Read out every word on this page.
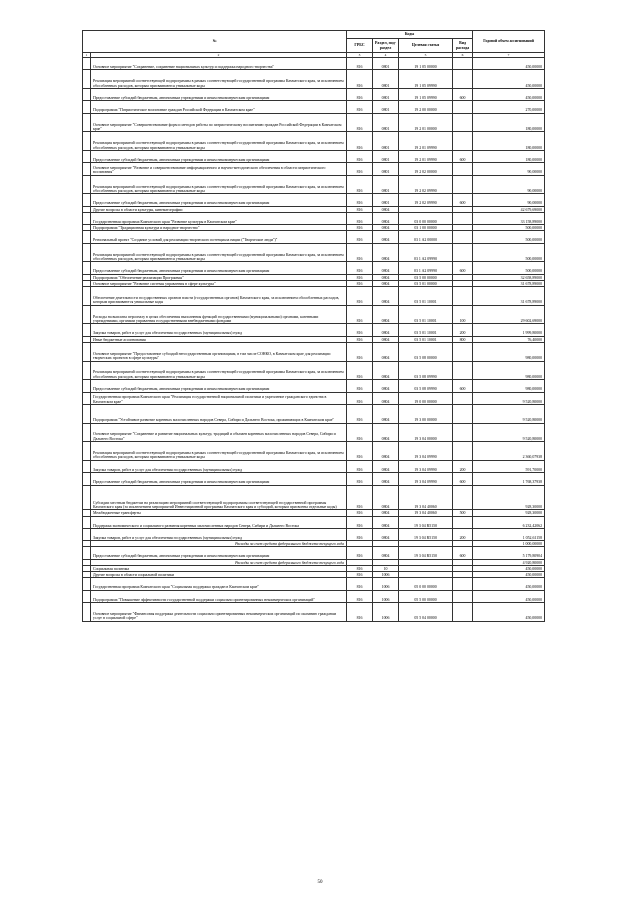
№		Коды				Годовой объем ассигнований
		ГРБС	Раздел, под-раздел	Целевая статья	Вид расхода	
1	2	3	4	5	6	7
	Основное мероприятие "Сохранение, сохранение национальных культур и поддержка народного творчества"	816	0801	19 1 05 00000		450,00000
	Реализация мероприятий соответствующей подпрограммы в рамках соответствующей государственной программы Камчатского края, за исключением обособленных расходов, которым присваиваются уникальные коды	816	0801	19 1 05 09990		450,00000
	Предоставление субсидий бюджетным, автономным учреждениям и иным некоммерческим организациям	816	0801	19 1 05 09990	600	450,00000
	Подпрограмма "Патриотическое воспитание граждан Российской Федерации в Камчатском крае"	816	0801	19 2 00 00000		270,00000
	Основное мероприятие "Совершенствование форм и методов работы по патриотическому воспитанию граждан Российской Федерации в Камчатском крае"	816	0801	19 2 01 00000		180,00000
	Реализация мероприятий соответствующей подпрограммы в рамках соответствующей государственной программы Камчатского края, за исключением обособленных расходов, которым присваиваются уникальные коды	816	0801	19 2 01 09990		180,00000
	Предоставление субсидий бюджетным, автономным учреждениям и иным некоммерческим организациям	816	0801	19 2 01 09990	600	180,00000
	Основное мероприятие "Развитие и совершенствование информационного и научно-методического обеспечения в области патриотического воспитания"	816	0801	19 2 02 00000		90,00000
	Реализация мероприятий соответствующей подпрограммы в рамках соответствующей государственной программы Камчатского края, за исключением обособленных расходов, которым присваиваются уникальные коды	816	0801	19 2 02 09990		90,00000
	Предоставление субсидий бюджетным, автономным учреждениям и иным некоммерческим организациям	816	0801	19 2 02 09990	600	90,00000
	Другие вопросы в области культуры, кинематографии	816	0804			42 679,69000
	Государственная программа Камчатского края "Развитие культуры в Камчатском крае"	816	0804	03 0 00 00000		33 158,89000
	Подпрограмма "Традиционная культура и народное творчество"	816	0804	03 1 00 00000		500,00000
	Региональный проект "Создание условий для реализации творческого потенциала нации ("Творческие люди")"	816	0804	03 1 A2 00000		500,00000
	Реализация мероприятий соответствующей подпрограммы в рамках соответствующей государственной программы Камчатского края, за исключением обособленных расходов, которым присваиваются уникальные коды	816	0804	03 1 A2 09990		500,00000
	Предоставление субсидий бюджетным, автономным учреждениям и иным некоммерческим организациям	816	0804	03 1 A2 09990	600	500,00000
	Подпрограмма "Обеспечение реализации Программы"	816	0804	03 5 00 00000		32 658,89000
	Основное мероприятие "Развитие системы управления в сфере культуры"	816	0804	03 5 01 00000		31 678,89000
	Обеспечение деятельности государственных органов власти (государственных органов) Камчатского края, за исключением обособленных расходов, которым присваиваются уникальные коды	816	0804	03 5 01 10001		31 678,89000
	Расходы на выплаты персоналу в целях обеспечения выполнения функций государственными (муниципальными) органами, казенными учреждениями, органами управления государственными внебюджетными фондами	816	0804	03 5 01 10001	100	29 602,69000
	Закупка товаров, работ и услуг для обеспечения государственных (муниципальных) нужд	816	0804	03 5 01 10001	200	1 999,80000
	Иные бюджетные ассигнования	816	0804	03 5 01 10001	800	76,40000
	Основное мероприятие "Предоставление субсидий негосударственным организациям, в том числе СОНКО, в Камчатском крае для реализации творческих проектов в сфере культуры"	816	0804	03 5 08 00000		980,00000
	Реализация мероприятий соответствующей подпрограммы в рамках соответствующей государственной программы Камчатского края, за исключением обособленных расходов, которым присваиваются уникальные коды	816	0804	03 5 08 09990		980,00000
	Предоставление субсидий бюджетным, автономным учреждениям и иным некоммерческим организациям	816	0804	03 5 08 09990	600	980,00000
	Государственная программа Камчатского края "Реализация государственной национальной политики и укрепление гражданского единства в Камчатском крае"	816	0804	19 0 00 00000		9 520,80000
	Подпрограмма "Устойчивое развитие коренных малочисленных народов Севера, Сибири и Дальнего Востока, проживающих в Камчатском крае"	816	0804	19 3 00 00000		9 520,80000
	Основное мероприятие "Сохранение и развитие национальных культур, традиций и обычаев коренных малочисленных народов Севера, Сибири и Дальнего Востока"	816	0804	19 3 04 00000		9 520,80000
	Реализация мероприятий соответствующей подпрограммы в рамках соответствующей государственной программы Камчатского края, за исключением обособленных расходов, которым присваиваются уникальные коды	816	0804	19 3 04 09990		2 360,07938
	Закупка товаров, работ и услуг для обеспечения государственных (муниципальных) нужд	816	0804	19 3 04 09990	200	591,70000
	Предоставление субсидий бюджетным, автономным учреждениям и иным некоммерческим организациям	816	0804	19 3 04 09990	600	1 768,37938
	Субсидии местным бюджетам на реализацию мероприятий соответствующей подпрограммы соответствующей государственной программы Камчатского края (за исключением мероприятий Инвестиционной программы Камчатского края и субсидий, которым присвоены отдельные коды)	816	0804	19 3 04 40060		928,30000
	Межбюджетные трансферты	816	0804	19 3 04 40060	500	928,30000
	Поддержка экономического и социального развития коренных малочисленных народов Севера, Сибири и Дальнего Востока	816	0804	19 3 04 R5150		6 232,42062
	Закупка товаров, работ и услуг для обеспечения государственных (муниципальных) нужд	816	0804	19 3 04 R5150	200	1 052,61158
	Расходы за счет средств федерального бюджета текущего года					1 000,00000
	Предоставление субсидий бюджетным, автономным учреждениям и иным некоммерческим организациям	816	0804	19 3 04 R5150	600	5 179,80904
	Расходы за счет средств федерального бюджета текущего года					4 920,80000
	Социальная политика	816	10			450,00000
	Другие вопросы в области социальной политики	816	1006			450,00000
	Государственная программа Камчатского края "Социальная поддержка граждан в Камчатском крае"	816	1006	05 0 00 00000		450,00000
	Подпрограмма "Повышение эффективности государственной поддержки социально ориентированных некоммерческих организаций"	816	1006	05 5 00 00000		450,00000
	Основное мероприятие "Финансовая поддержка деятельности социально ориентированных некоммерческих организаций по оказанию гражданам услуг в социальной сфере"	816	1006	05 5 04 00000		450,00000
50
